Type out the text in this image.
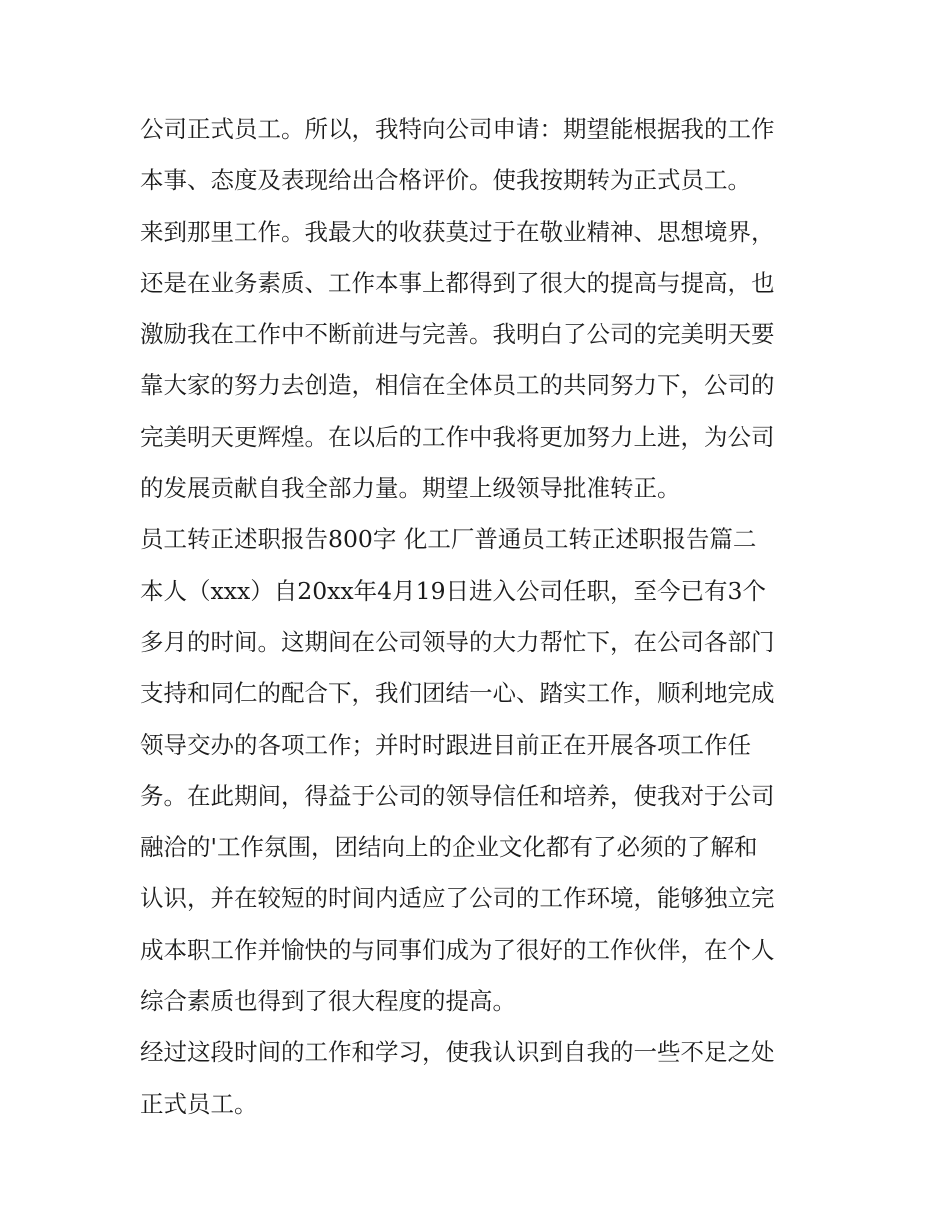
公司正式员工。所以，我特向公司申请：期望能根据我的工作
本事、态度及表现给出合格评价。使我按期转为正式员工。
来到那里工作。我最大的收获莫过于在敬业精神、思想境界，
还是在业务素质、工作本事上都得到了很大的提高与提高，也
激励我在工作中不断前进与完善。我明白了公司的完美明天要
靠大家的努力去创造，相信在全体员工的共同努力下，公司的
完美明天更辉煌。在以后的工作中我将更加努力上进，为公司
的发展贡献自我全部力量。期望上级领导批准转正。
员工转正述职报告800字 化工厂普通员工转正述职报告篇二
本人（xxx）自20xx年4月19日进入公司任职，至今已有3个
多月的时间。这期间在公司领导的大力帮忙下，在公司各部门
支持和同仁的配合下，我们团结一心、踏实工作，顺利地完成
领导交办的各项工作；并时时跟进目前正在开展各项工作任
务。在此期间，得益于公司的领导信任和培养，使我对于公司
融洽的'工作氛围，团结向上的企业文化都有了必须的了解和
认识，并在较短的时间内适应了公司的工作环境，能够独立完
成本职工作并愉快的与同事们成为了很好的工作伙伴，在个人
综合素质也得到了很大程度的提高。
经过这段时间的工作和学习，使我认识到自我的一些不足之处
正式员工。
